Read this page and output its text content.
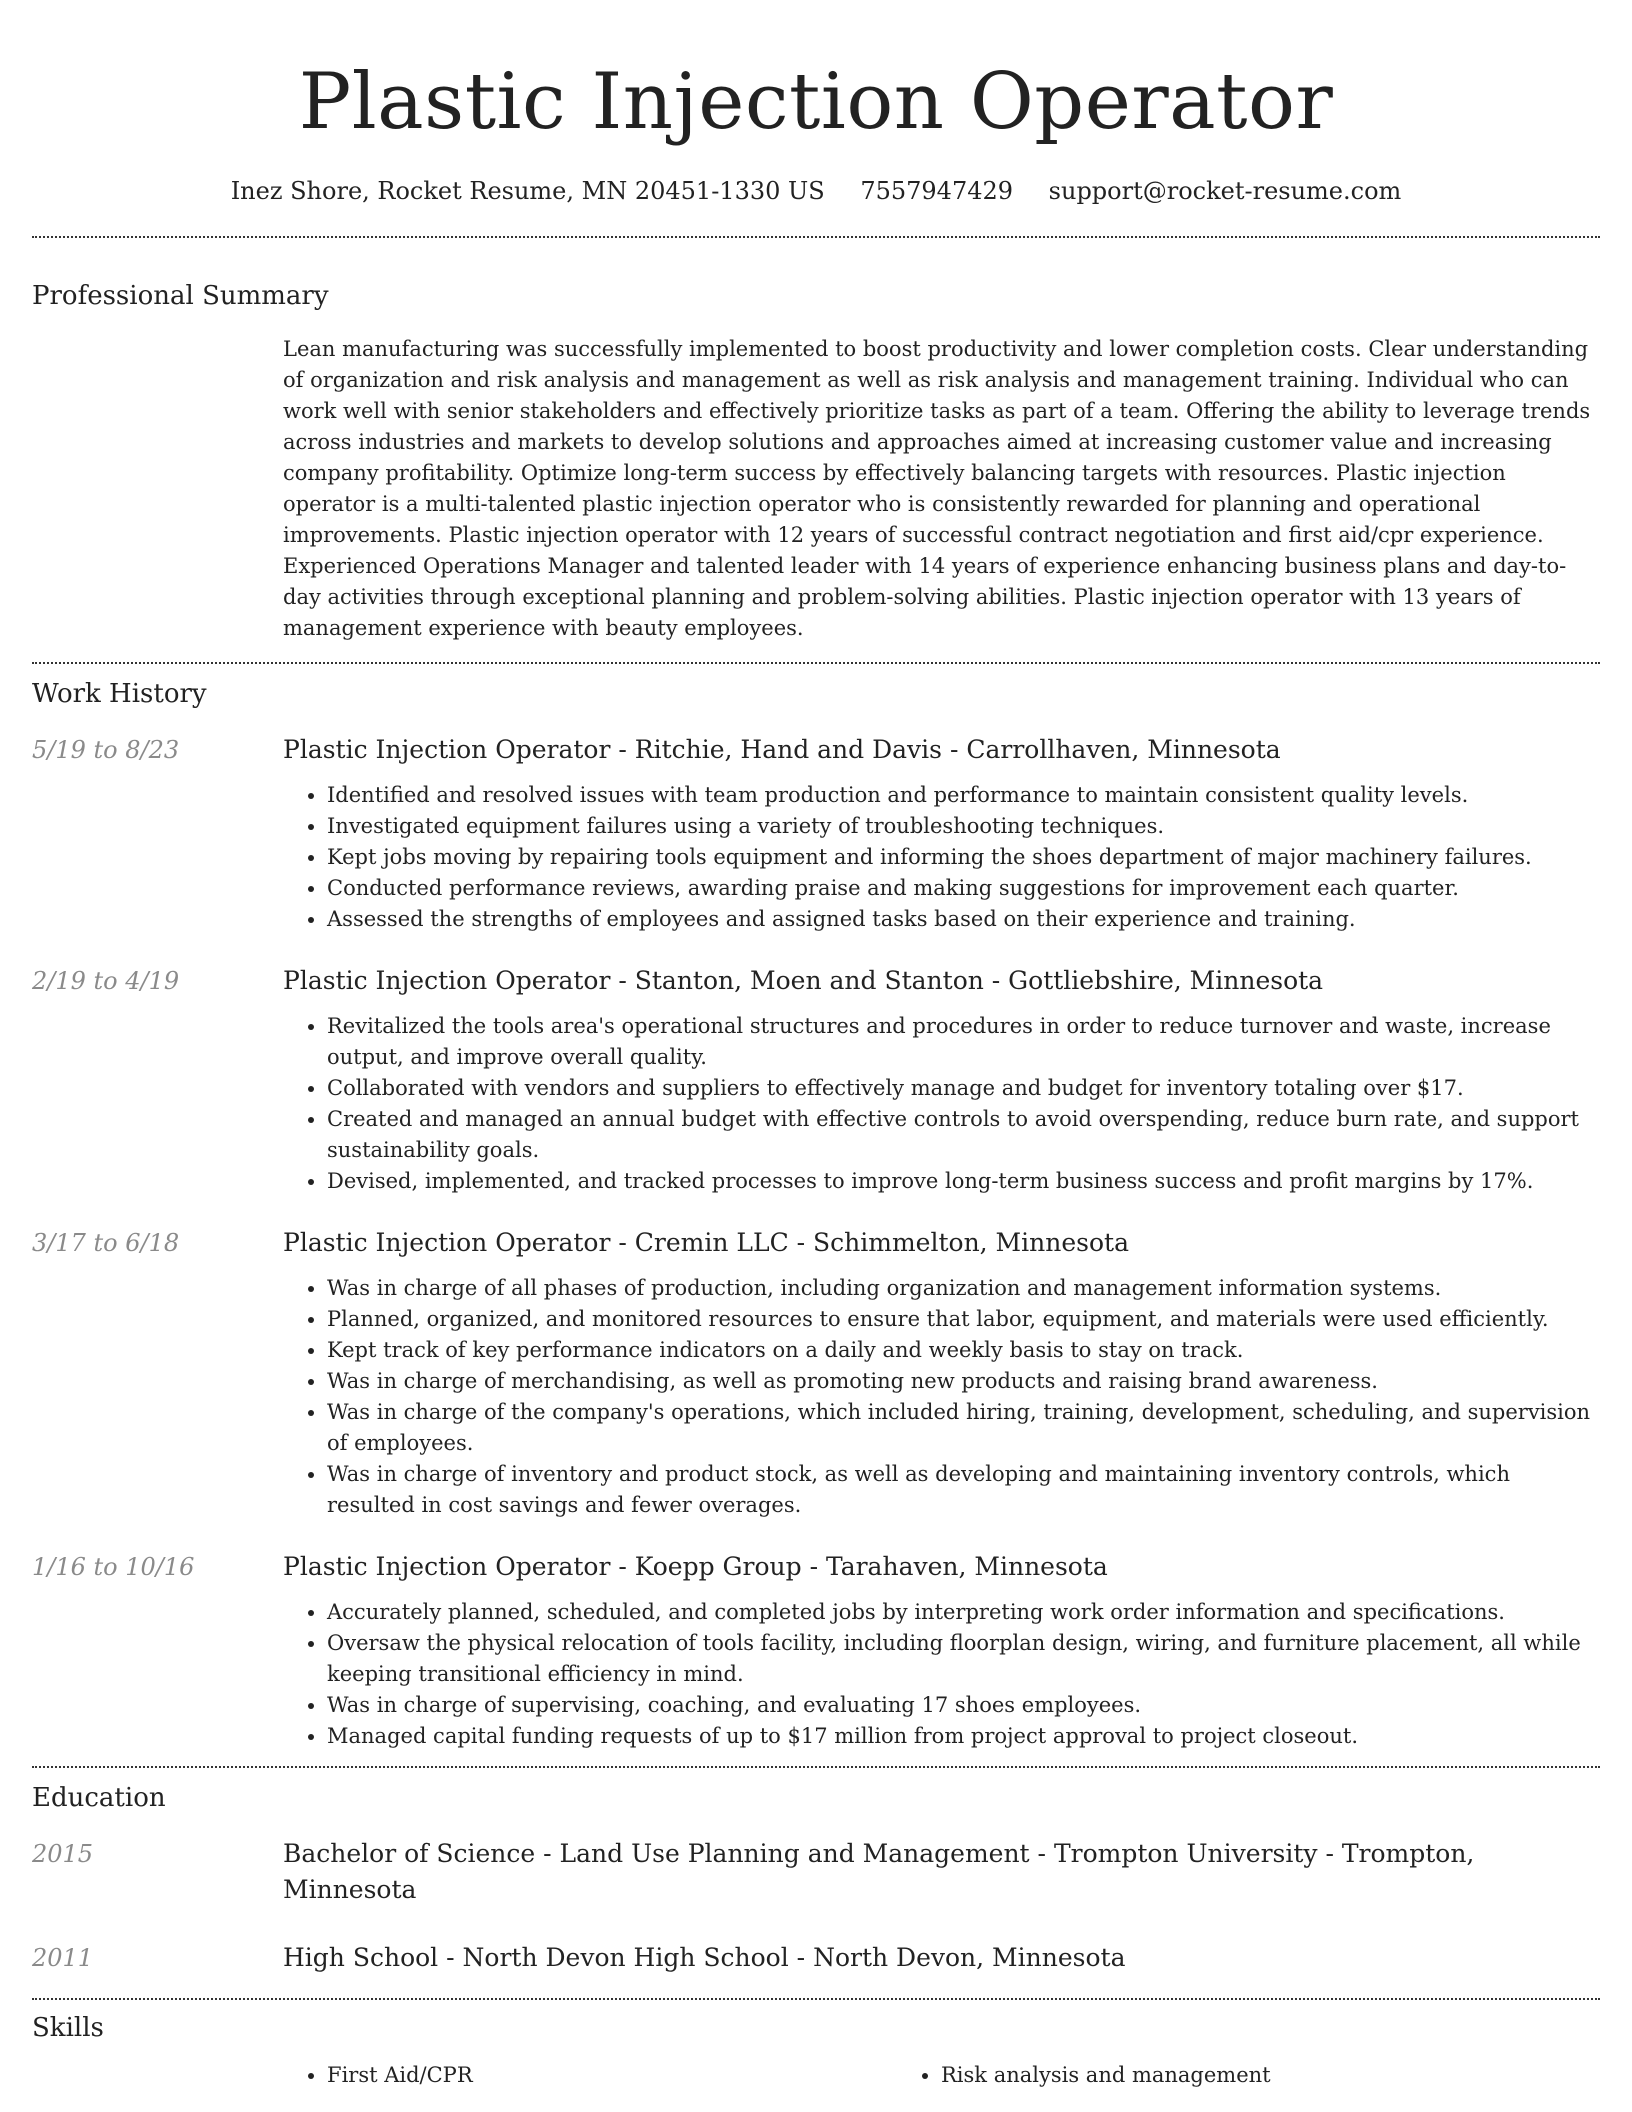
Plastic Injection Operator
Inez Shore, Rocket Resume, MN 20451-1330 US 7557947429 support@rocket-resume.com
Professional Summary
Lean manufacturing was successfully implemented to boost productivity and lower completion costs. Clear understanding of organization and risk analysis and management as well as risk analysis and management training. Individual who can work well with senior stakeholders and effectively prioritize tasks as part of a team. Offering the ability to leverage trends across industries and markets to develop solutions and approaches aimed at increasing customer value and increasing company profitability. Optimize long-term success by effectively balancing targets with resources. Plastic injection operator is a multi-talented plastic injection operator who is consistently rewarded for planning and operational improvements. Plastic injection operator with 12 years of successful contract negotiation and first aid/cpr experience. Experienced Operations Manager and talented leader with 14 years of experience enhancing business plans and day-to-day activities through exceptional planning and problem-solving abilities. Plastic injection operator with 13 years of management experience with beauty employees.
Work History
5/19 to 8/23	Plastic Injection Operator - Ritchie, Hand and Davis - Carrollhaven, Minnesota
• Identified and resolved issues with team production and performance to maintain consistent quality levels.
• Investigated equipment failures using a variety of troubleshooting techniques.
• Kept jobs moving by repairing tools equipment and informing the shoes department of major machinery failures.
• Conducted performance reviews, awarding praise and making suggestions for improvement each quarter.
• Assessed the strengths of employees and assigned tasks based on their experience and training.
2/19 to 4/19	Plastic Injection Operator - Stanton, Moen and Stanton - Gottliebshire, Minnesota
• Revitalized the tools area's operational structures and procedures in order to reduce turnover and waste, increase output, and improve overall quality.
• Collaborated with vendors and suppliers to effectively manage and budget for inventory totaling over $17.
• Created and managed an annual budget with effective controls to avoid overspending, reduce burn rate, and support sustainability goals.
• Devised, implemented, and tracked processes to improve long-term business success and profit margins by 17%.
3/17 to 6/18	Plastic Injection Operator - Cremin LLC - Schimmelton, Minnesota
• Was in charge of all phases of production, including organization and management information systems.
• Planned, organized, and monitored resources to ensure that labor, equipment, and materials were used efficiently.
• Kept track of key performance indicators on a daily and weekly basis to stay on track.
• Was in charge of merchandising, as well as promoting new products and raising brand awareness.
• Was in charge of the company's operations, which included hiring, training, development, scheduling, and supervision of employees.
• Was in charge of inventory and product stock, as well as developing and maintaining inventory controls, which resulted in cost savings and fewer overages.
1/16 to 10/16	Plastic Injection Operator - Koepp Group - Tarahaven, Minnesota
• Accurately planned, scheduled, and completed jobs by interpreting work order information and specifications.
• Oversaw the physical relocation of tools facility, including floorplan design, wiring, and furniture placement, all while keeping transitional efficiency in mind.
• Was in charge of supervising, coaching, and evaluating 17 shoes employees.
• Managed capital funding requests of up to $17 million from project approval to project closeout.
Education
2015	Bachelor of Science - Land Use Planning and Management - Trompton University - Trompton, Minnesota
2011	High School - North Devon High School - North Devon, Minnesota
Skills
• First Aid/CPR
•	Risk analysis and management
